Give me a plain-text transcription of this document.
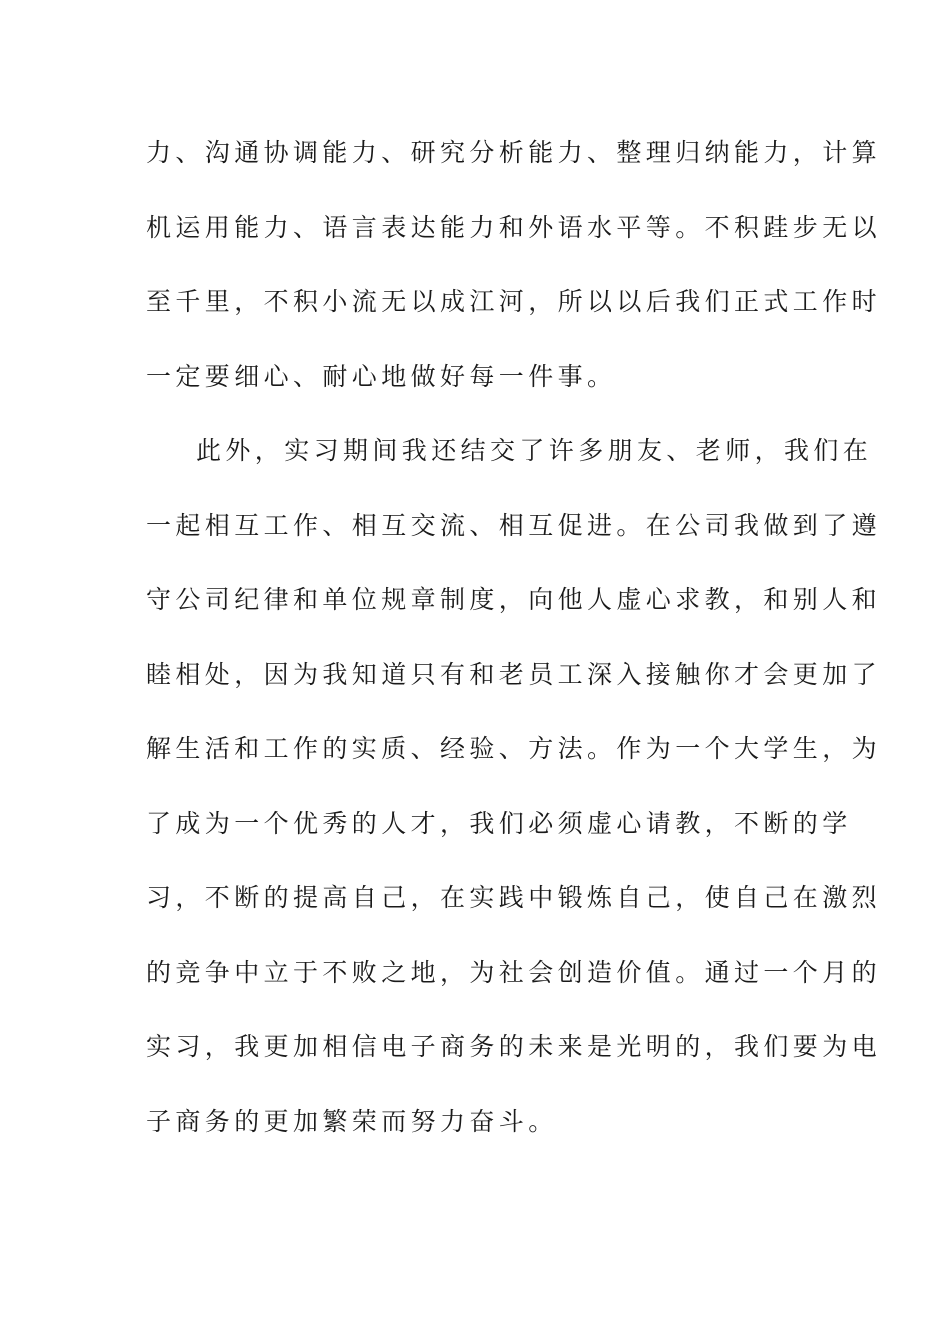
力、沟通协调能力、研究分析能力、整理归纳能力，计算
机运用能力、语言表达能力和外语水平等。不积跬步无以
至千里，不积小流无以成江河，所以以后我们正式工作时
一定要细心、耐心地做好每一件事。
此外，实习期间我还结交了许多朋友、老师，我们在
一起相互工作、相互交流、相互促进。在公司我做到了遵
守公司纪律和单位规章制度，向他人虚心求教，和别人和
睦相处，因为我知道只有和老员工深入接触你才会更加了
解生活和工作的实质、经验、方法。作为一个大学生，为
了成为一个优秀的人才，我们必须虚心请教，不断的学
习，不断的提高自己，在实践中锻炼自己，使自己在激烈
的竞争中立于不败之地，为社会创造价值。通过一个月的
实习，我更加相信电子商务的未来是光明的，我们要为电
子商务的更加繁荣而努力奋斗。
